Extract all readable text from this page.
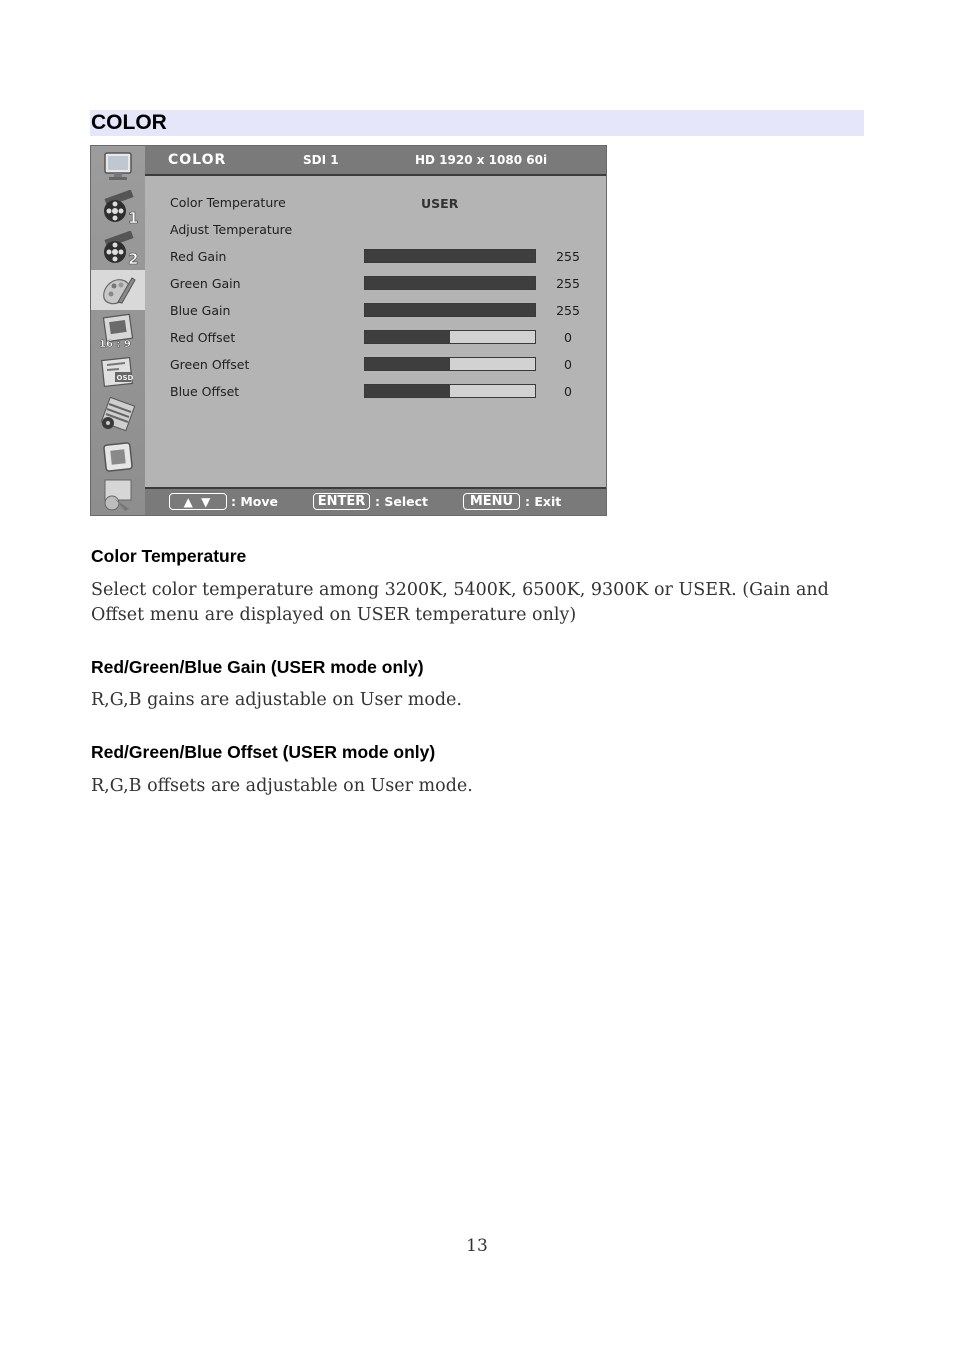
COLOR
1
2
16 : 9
OSD
COLOR	SDI 1	HD 1920 x 1080 60i
Color Temperature	USER
Adjust Temperature
Red Gain	255
Green Gain	255
Blue Gain	255
Red Offset	0
Green Offset	0
Blue Offset	0
▲ ▼	: Move	ENTER : Select	MENU : Exit
Color Temperature
Select color temperature among 3200K, 5400K, 6500K, 9300K or USER. (Gain and Offset menu are displayed on USER temperature only)
Red/Green/Blue Gain (USER mode only)
R,G,B gains are adjustable on User mode.
Red/Green/Blue Offset (USER mode only)
R,G,B offsets are adjustable on User mode.
13
